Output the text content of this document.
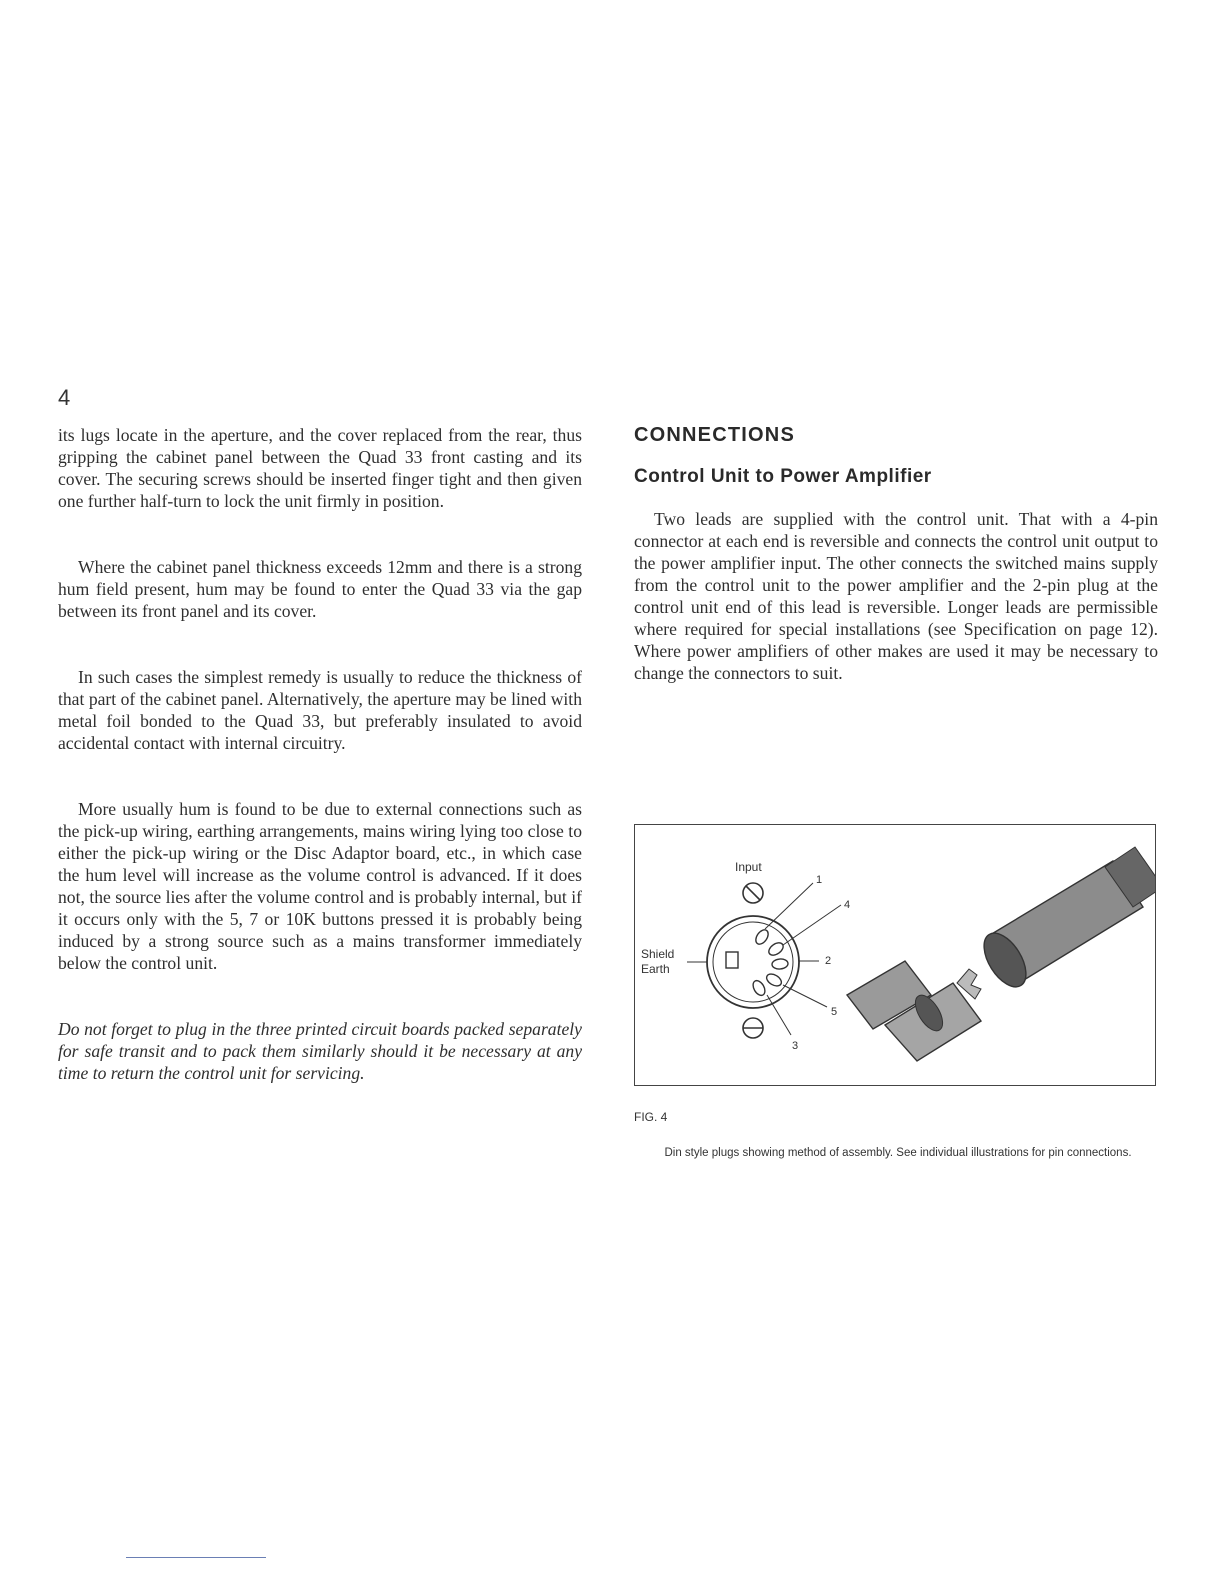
4

its lugs locate in the aperture, and the cover replaced from the rear, thus gripping the cabinet panel between the Quad 33 front casting and its cover. The securing screws should be inserted finger tight and then given one further half-turn to lock the unit firmly in position.

Where the cabinet panel thickness exceeds 12mm and there is a strong hum field present, hum may be found to enter the Quad 33 via the gap between its front panel and its cover.

In such cases the simplest remedy is usually to reduce the thickness of that part of the cabinet panel. Alternatively, the aperture may be lined with metal foil bonded to the Quad 33, but preferably insulated to avoid accidental contact with internal circuitry.

More usually hum is found to be due to external connections such as the pick-up wiring, earthing arrangements, mains wiring lying too close to either the pick-up wiring or the Disc Adaptor board, etc., in which case the hum level will increase as the volume control is advanced. If it does not, the source lies after the volume control and is probably internal, but if it occurs only with the 5, 7 or 10K buttons pressed it is probably being induced by a strong source such as a mains transformer immediately below the control unit.

Do not forget to plug in the three printed circuit boards packed separately for safe transit and to pack them similarly should it be necessary at any time to return the control unit for servicing.

CONNECTIONS
Control Unit to Power Amplifier

Two leads are supplied with the control unit. That with a 4-pin connector at each end is reversible and connects the control unit output to the power amplifier input. The other connects the switched mains supply from the control unit to the power amplifier and the 2-pin plug at the control unit end of this lead is reversible. Longer leads are permissible where required for special installations (see Specification on page 12). Where power amplifiers of other makes are used it may be necessary to change the connectors to suit.

Input
Shield
Earth
1
4
2
5
3
FIG. 4

Din style plugs showing method of assembly. See individual illustrations for pin connections.
